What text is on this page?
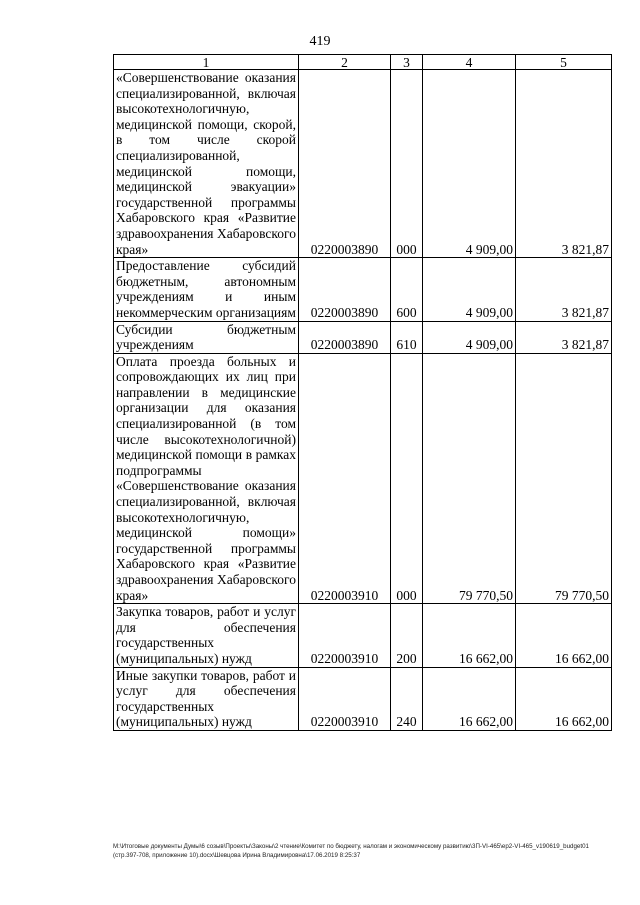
419
1	2	3	4	5
«Совершенствование оказания специализированной, включая высокотехнологичную, медицинской помощи, скорой, в том числе скорой специализированной, медицинской помощи, медицинской эвакуации» государственной программы Хабаровского края «Развитие здравоохранения Хабаровского края»	0220003890	000	4 909,00	3 821,87
Предоставление субсидий бюджетным, автономным учреждениям и иным некоммерческим организациям	0220003890	600	4 909,00	3 821,87
Субсидии бюджетным учреждениям	0220003890	610	4 909,00	3 821,87
Оплата проезда больных и сопровождающих их лиц при направлении в медицинские организации для оказания специализированной (в том числе высокотехнологичной) медицинской помощи в рамках подпрограммы «Совершенствование оказания специализированной, включая высокотехнологичную, медицинской помощи» государственной программы Хабаровского края «Развитие здравоохранения Хабаровского края»	0220003910	000	79 770,50	79 770,50
Закупка товаров, работ и услуг для обеспечения государственных (муниципальных) нужд	0220003910	200	16 662,00	16 662,00
Иные закупки товаров, работ и услуг для обеспечения государственных (муниципальных) нужд	0220003910	240	16 662,00	16 662,00
M:\Итоговые документы Думы\6 созыв\Проекты\Законы\2 чтение\Комитет по бюджету, налогам и экономическому развитию\3П-VI-465\ep2-VI-465_v190619_budget01 (стр.397-708, приложение 10).docx\Шевцова Ирина Владимировна\17.06.2019 8:25:37
